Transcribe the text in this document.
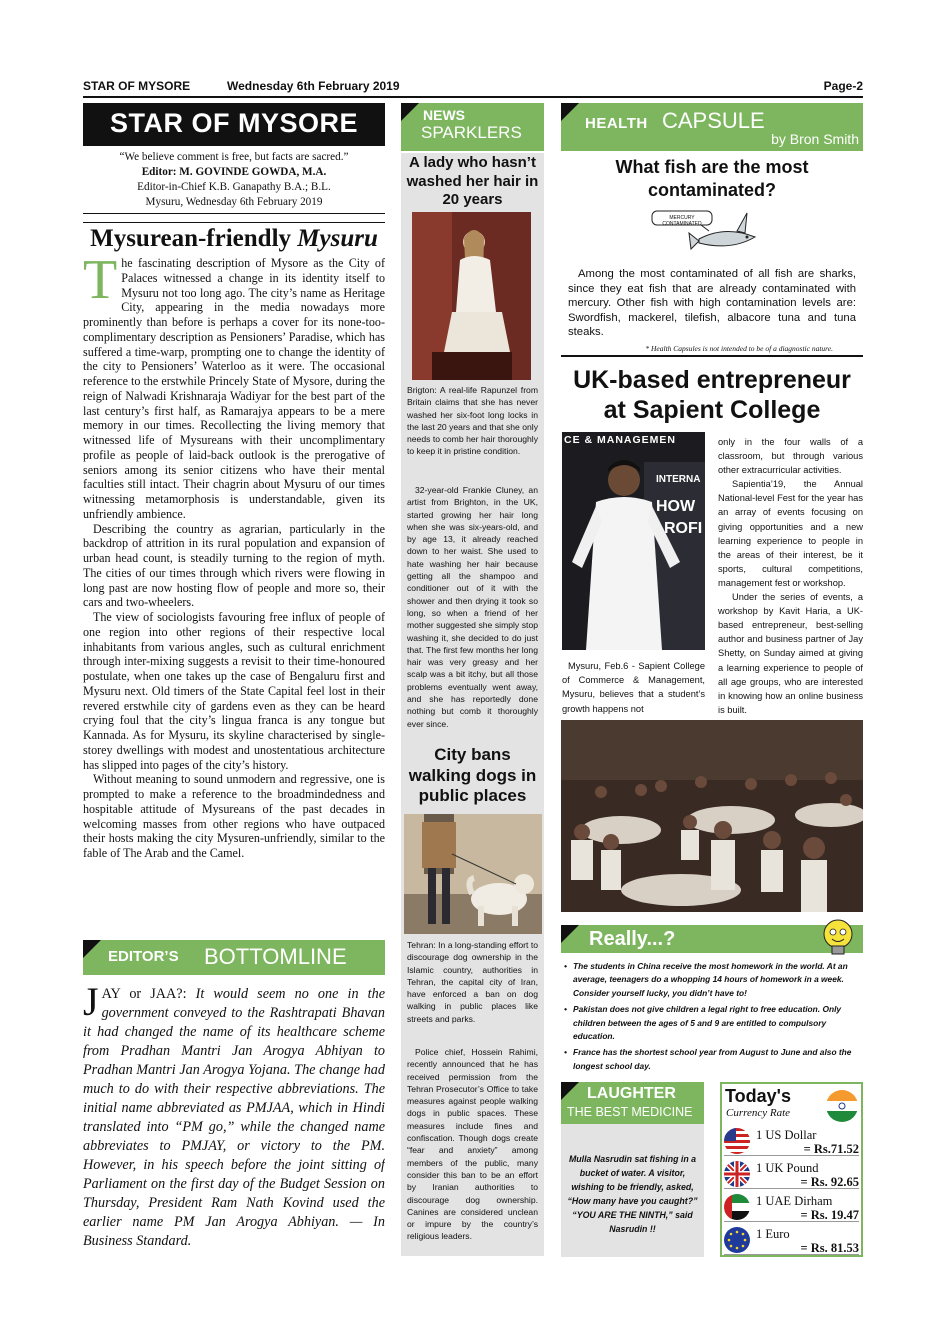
STAR OF MYSORE	Wednesday 6th February 2019	Page-2
STAR OF MYSORE
“We believe comment is free, but facts are sacred.”
Editor: M. GOVINDE GOWDA, M.A.
Editor-in-Chief K.B. Ganapathy B.A.; B.L.
Mysuru, Wednesday 6th February 2019
Mysurean-friendly Mysuru
T he fascinating description of Mysore as the City of Palaces witnessed a change in its identity itself to Mysuru not too long ago. The city’s name as Heritage City, appearing in the media nowadays more prominently than before is perhaps a cover for its none-too-complimentary description as Pensioners’ Paradise, which has suffered a time-warp, prompting one to change the identity of the city to Pensioners’ Waterloo as it were. The occasional reference to the erstwhile Princely State of Mysore, during the reign of Nalwadi Krishnaraja Wadiyar for the best part of the last century’s first half, as Ramarajya appears to be a mere memory in our times. Recollecting the living memory that witnessed life of Mysureans with their uncomplimentary profile as people of laid-back outlook is the prerogative of seniors among its senior citizens who have their mental faculties still intact. Their chagrin about Mysuru of our times witnessing metamorphosis is understandable, given its unfriendly ambience.

Describing the country as agrarian, particularly in the backdrop of attrition in its rural population and expansion of urban head count, is steadily turning to the region of myth. The cities of our times through which rivers were flowing in long past are now hosting flow of people and more so, their cars and two-wheelers.

The view of sociologists favouring free influx of people of one region into other regions of their respective local inhabitants from various angles, such as cultural enrichment through inter-mixing suggests a revisit to their time-honoured postulate, when one takes up the case of Bengaluru first and Mysuru next. Old timers of the State Capital feel lost in their revered erstwhile city of gardens even as they can be heard crying foul that the city’s lingua franca is any tongue but Kannada. As for Mysuru, its skyline characterised by single-storey dwellings with modest and unostentatious architecture has slipped into pages of the city’s history.

Without meaning to sound unmodern and regressive, one is prompted to make a reference to the broadmindedness and hospitable attitude of Mysureans of the past decades in welcoming masses from other regions who have outpaced their hosts making the city Mysuren-unfriendly, similar to the fable of The Arab and the Camel.

EDITOR’S BOTTOMLINE
JAY or JAA?: It would seem no one in the government conveyed to the Rashtrapati Bhavan it had changed the name of its healthcare scheme from Pradhan Mantri Jan Arogya Abhiyan to Pradhan Mantri Jan Arogya Yojana. The change had much to do with their respective abbreviations. The initial name abbreviated as PMJAA, which in Hindi translated into “PM go,” while the changed name abbreviates to PMJAY, or victory to the PM. However, in his speech before the joint sitting of Parliament on the first day of the Budget Session on Thursday, President Ram Nath Kovind used the earlier name PM Jan Arogya Abhiyan. — In Business Standard.
NEWS
SPARKLERS
A lady who hasn’t washed her hair in 20 years
Brigton: A real-life Rapunzel from Britain claims that she has never washed her six-foot long locks in the last 20 years and that she only needs to comb her hair thoroughly to keep it in pristine condition.
32-year-old Frankie Cluney, an artist from Brighton, in the UK, started growing her hair long when she was six-years-old, and by age 13, it already reached down to her waist. She used to hate washing her hair because getting all the shampoo and conditioner out of it with the shower and then drying it took so long, so when a friend of her mother suggested she simply stop washing it, she decided to do just that. The first few months her long hair was very greasy and her scalp was a bit itchy, but all those problems eventually went away, and she has reportedly done nothing but comb it thoroughly ever since.
City bans walking dogs in public places
Tehran: In a long-standing effort to discourage dog ownership in the Islamic country, authorities in Tehran, the capital city of Iran, have enforced a ban on dog walking in public places like streets and parks.
Police chief, Hossein Rahimi, recently announced that he has received permission from the Tehran Prosecutor’s Office to take measures against people walking dogs in public spaces. These measures include fines and confiscation. Though dogs create “fear and anxiety” among members of the public, many consider this ban to be an effort by Iranian authorities to discourage dog ownership. Canines are considered unclean or impure by the country’s religious leaders.
HEALTH CAPSULE
by Bron Smith
What fish are the most contaminated?
MERCURY CONTAMINATED
Among the most contaminated of all fish are sharks, since they eat fish that are already contaminated with mercury. Other fish with high contamination levels are: Swordfish, mackerel, tilefish, albacore tuna and tuna steaks.
* Health Capsules is not intended to be of a diagnostic nature.
UK-based entrepreneur at Sapient College
CE & MANAGEMEN
INTERNA
HOW
ROFI
Mysuru, Feb.6 - Sapient College of Commerce & Management, Mysuru, believes that a student’s growth happens not

only in the four walls of a classroom, but through various other extracurricular activities.

Sapientia’19, the Annual National-level Fest for the year has an array of events focusing on giving opportunities and a new learning experience to people in the areas of their interest, be it sports, cultural competitions, management fest or workshop.

Under the series of events, a workshop by Kavit Haria, a UK-based entrepreneur, best-selling author and business partner of Jay Shetty, on Sunday aimed at giving a learning experience to people of all age groups, who are interested in knowing how an online business is built.

Really...?
• The students in China receive the most homework in the world. At an average, teenagers do a whopping 14 hours of homework in a week. Consider yourself lucky, you didn’t have to!
• Pakistan does not give children a legal right to free education. Only children between the ages of 5 and 9 are entitled to compulsory education.
• France has the shortest school year from August to June and also the longest school day.
LAUGHTER
THE BEST MEDICINE
Mulla Nasrudin sat fishing in a bucket of water. A visitor, wishing to be friendly, asked, “How many have you caught?” “YOU ARE THE NINTH,” said Nasrudin !!
Today's
Currency Rate
1 US Dollar
= Rs.71.52
1 UK Pound
= Rs. 92.65
1 UAE Dirham
= Rs. 19.47
1 Euro
= Rs. 81.53
